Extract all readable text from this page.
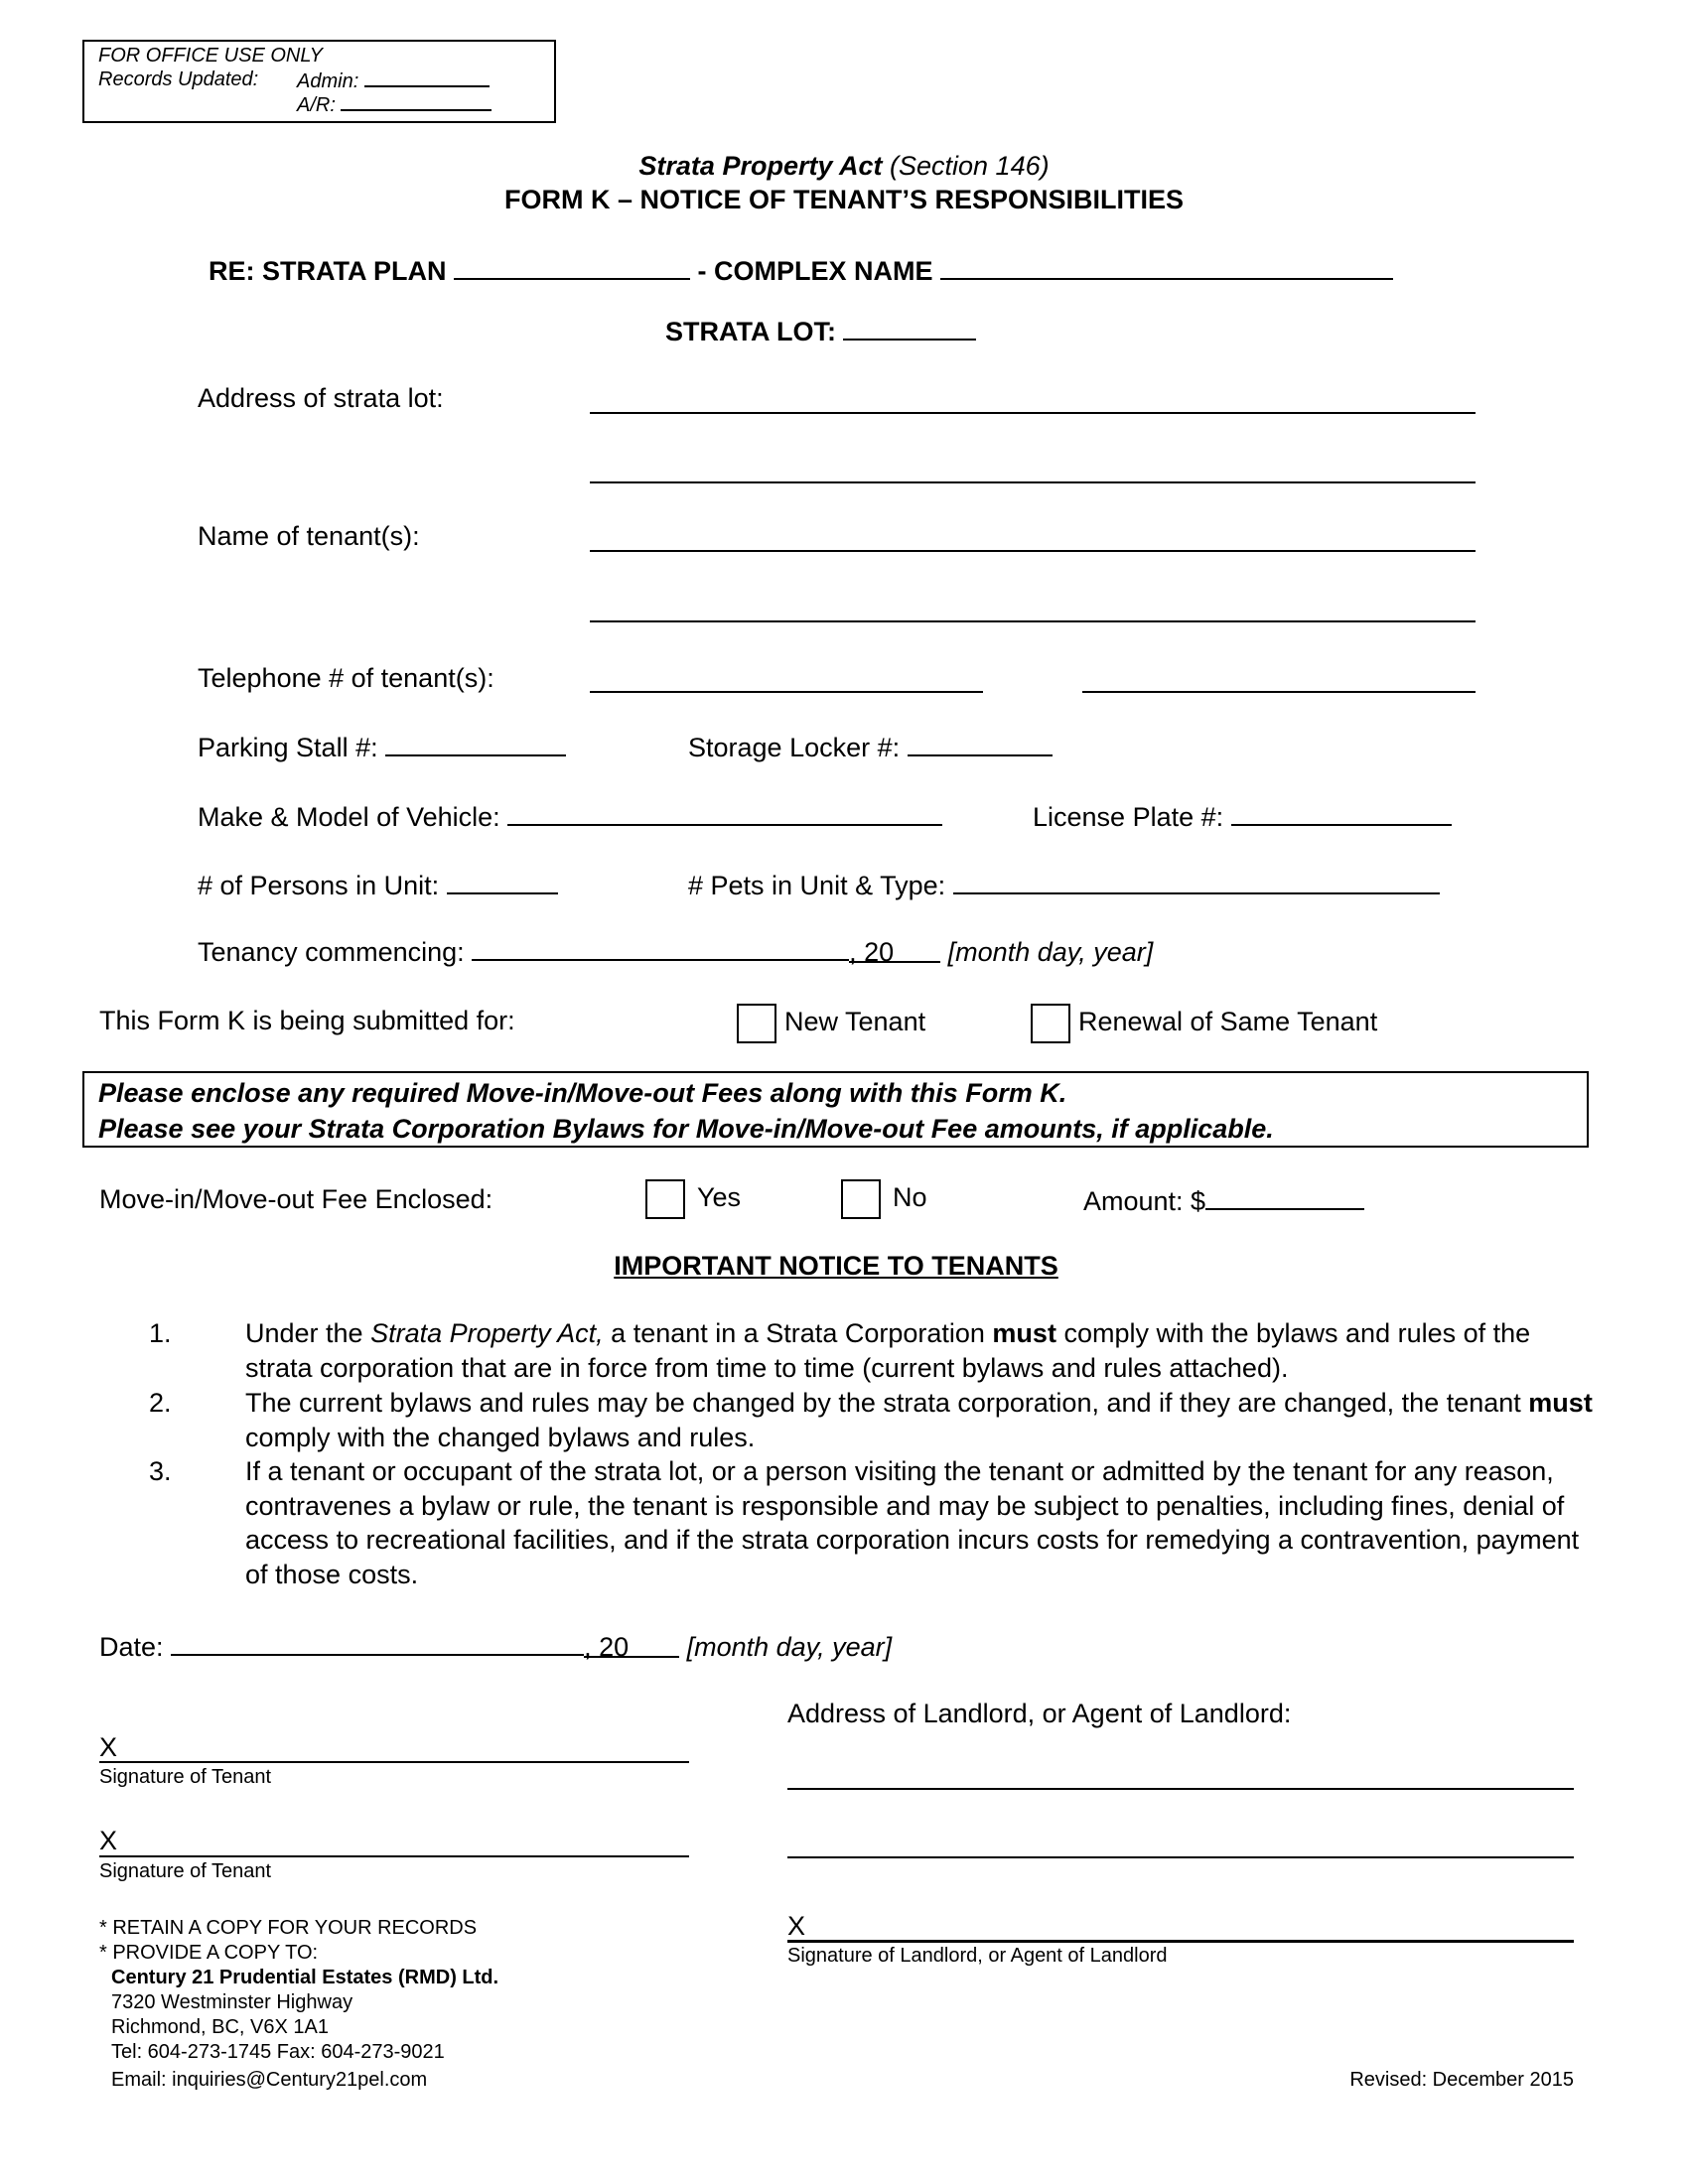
FOR OFFICE USE ONLY
Records Updated: Admin:
A/R:
Strata Property Act (Section 146)
FORM K – NOTICE OF TENANT’S RESPONSIBILITIES
RE: STRATA PLAN	- COMPLEX NAME
STRATA LOT:
Address of strata lot:
Name of tenant(s):
Telephone # of tenant(s):
Parking Stall #:	Storage Locker #:
Make & Model of Vehicle:	License Plate #:
# of Persons in Unit:	# Pets in Unit & Type:
Tenancy commencing:	, 20 [month day, year]
This Form K is being submitted for:	New Tenant	Renewal of Same Tenant
Please enclose any required Move-in/Move-out Fees along with this Form K.
Please see your Strata Corporation Bylaws for Move-in/Move-out Fee amounts, if applicable.
Move-in/Move-out Fee Enclosed:	Yes	No	Amount: $
IMPORTANT NOTICE TO TENANTS
1.	Under the Strata Property Act, a tenant in a Strata Corporation must comply with the bylaws and rules of the strata corporation that are in force from time to time (current bylaws and rules attached).
2.	The current bylaws and rules may be changed by the strata corporation, and if they are changed, the tenant must comply with the changed bylaws and rules.
3.	If a tenant or occupant of the strata lot, or a person visiting the tenant or admitted by the tenant for any reason, contravenes a bylaw or rule, the tenant is responsible and may be subject to penalties, including fines, denial of access to recreational facilities, and if the strata corporation incurs costs for remedying a contravention, payment of those costs.
Date:	, 20 [month day, year]
X
Signature of Tenant
X
Signature of Tenant
Address of Landlord, or Agent of Landlord:
X
Signature of Landlord, or Agent of Landlord
* RETAIN A COPY FOR YOUR RECORDS
* PROVIDE A COPY TO:
Century 21 Prudential Estates (RMD) Ltd.
7320 Westminster Highway
Richmond, BC, V6X 1A1
Tel: 604-273-1745 Fax: 604-273-9021
Email: inquiries@Century21pel.com	Revised: December 2015
